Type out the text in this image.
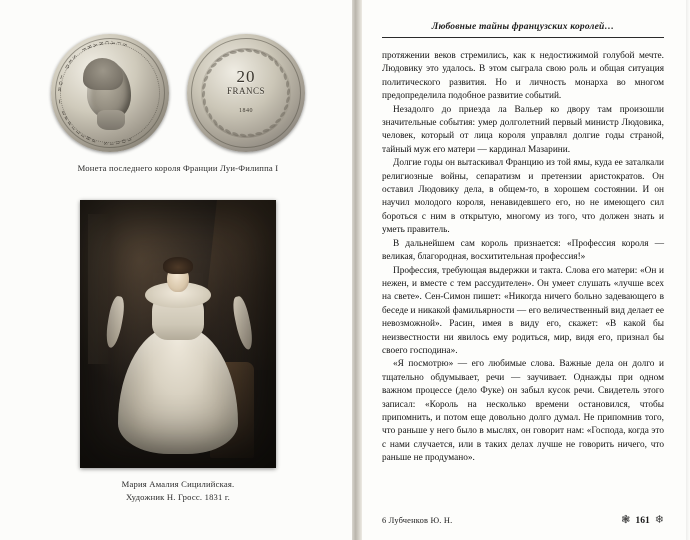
L
O
U
I
S
P
H
I
L
I
P
P
E
I
R
O
I
D
E
S
F
R
A N C A I S
20
FRANCS
1840
Монета последнего короля Франции Луи-Филиппа I
Мария Амалия Сицилийская.
Художник Н. Гросс. 1831 г.
Любовные тайны французских королей…

протяжении веков стремились, как к недостижимой голубой мечте. Людовику это удалось. В этом сыграла свою роль и общая ситуация политического развития. Но и личность монарха во многом предопределила подобное развитие событий.

Незадолго до приезда ла Вальер ко двору там произошли значительные события: умер долголетний первый министр Людовика, человек, который от лица короля управлял долгие годы страной, тайный муж его матери — кардинал Мазарини.

Долгие годы он вытаскивал Францию из той ямы, куда ее заталкали религиозные войны, сепаратизм и претензии аристократов. Он оставил Людовику дела, в общем-то, в хорошем состоянии. И он научил молодого короля, ненавидевшего его, но не имеющего сил бороться с ним в открытую, многому из того, что должен знать и уметь правитель.

В дальнейшем сам король признается: «Профессия короля — великая, благородная, восхитительная профессия!»

Профессия, требующая выдержки и такта. Слова его матери: «Он и нежен, и вместе с тем рассудителен». Он умеет слушать «лучше всех на свете». Сен-Симон пишет: «Никогда ничего больно задевающего в беседе и никакой фамильярности — его величественный вид делает ее невозможной». Расин, имея в виду его, скажет: «В какой бы неизвестности ни явилось ему родиться, мир, видя его, признал бы своего господина».

«Я посмотрю» — его любимые слова. Важные дела он долго и тщательно обдумывает, речи — заучивает. Однажды при одном важном процессе (дело Фуке) он забыл кусок речи. Свидетель этого записал: «Король на несколько времени остановился, чтобы припомнить, и потом еще довольно долго думал. Не припомнив того, что раньше у него было в мыслях, он говорит нам: «Господа, когда это с нами случается, или в таких делах лучше не говорить ничего, что раньше не продумано».

6 Лубченков Ю. Н.	❃ 161 ❄
